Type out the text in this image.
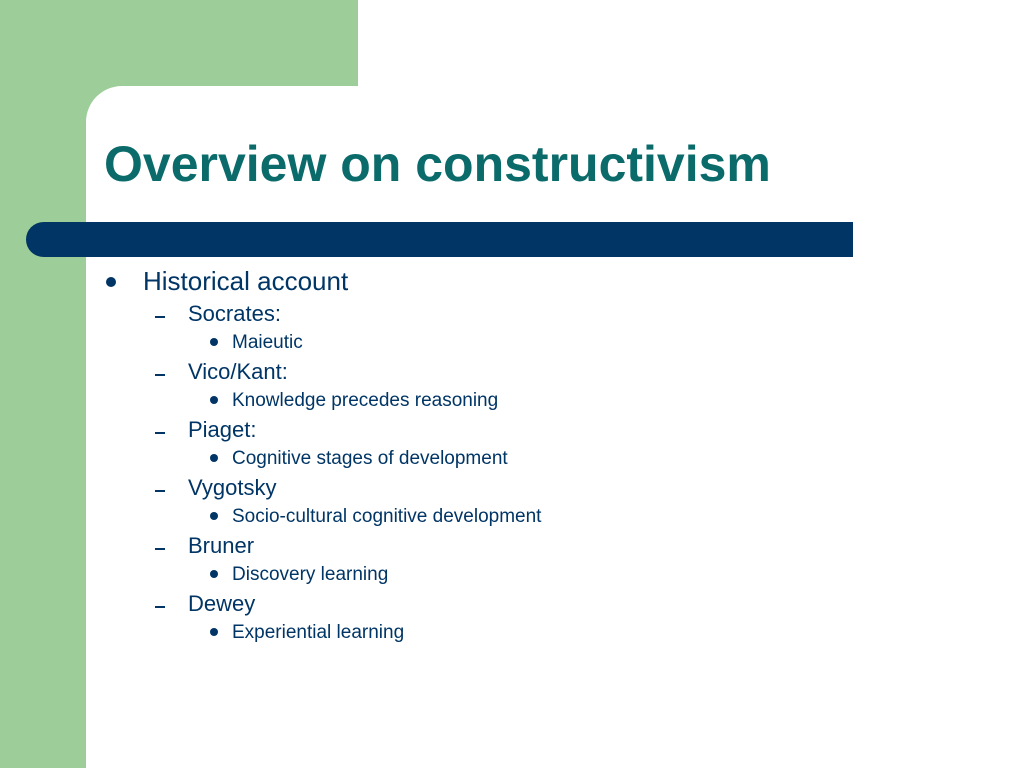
Overview on constructivism
Historical account
Socrates:
Maieutic
Vico/Kant:
Knowledge precedes reasoning
Piaget:
Cognitive stages of development
Vygotsky
Socio-cultural cognitive development
Bruner
Discovery learning
Dewey
Experiential learning
